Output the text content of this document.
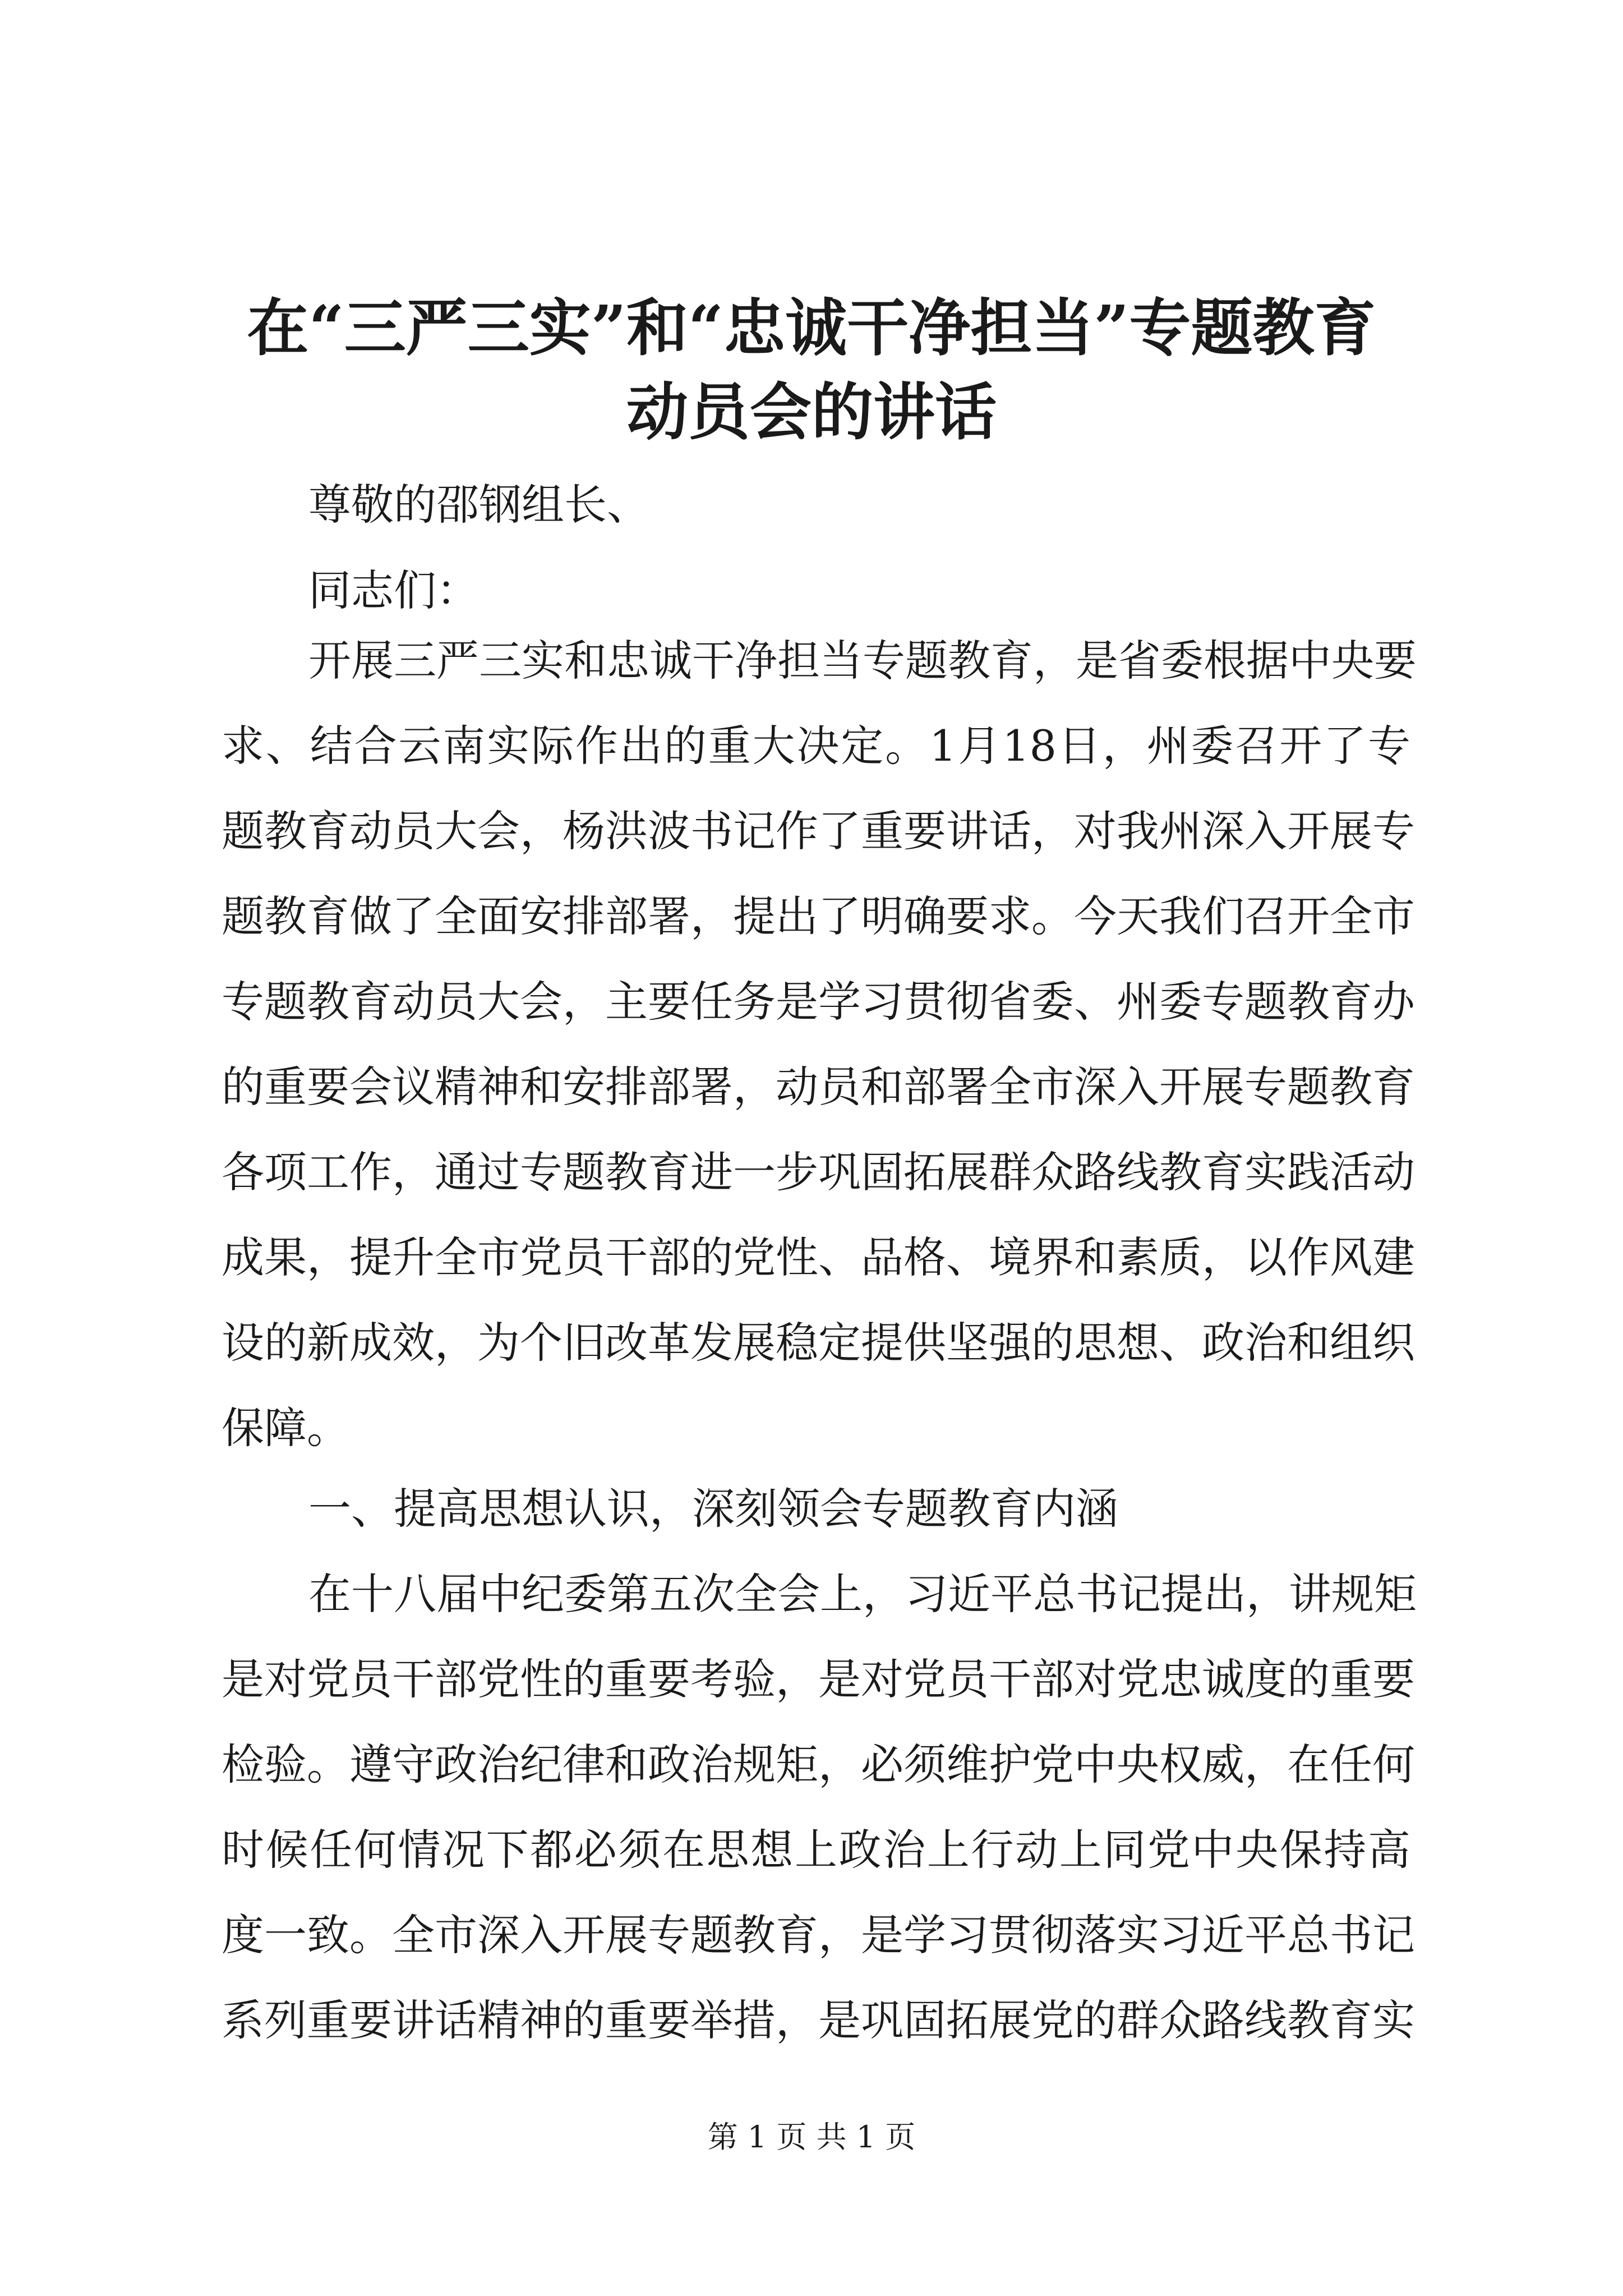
在“三严三实”和“忠诚干净担当”专题教育
动员会的讲话
尊敬的邵钢组长、
同志们：
开展三严三实和忠诚干净担当专题教育，是省委根据中央要
求、结合云南实际作出的重大决定。1月18日，州委召开了专
题教育动员大会，杨洪波书记作了重要讲话，对我州深入开展专
题教育做了全面安排部署，提出了明确要求。今天我们召开全市
专题教育动员大会，主要任务是学习贯彻省委、州委专题教育办
的重要会议精神和安排部署，动员和部署全市深入开展专题教育
各项工作，通过专题教育进一步巩固拓展群众路线教育实践活动
成果，提升全市党员干部的党性、品格、境界和素质，以作风建
设的新成效，为个旧改革发展稳定提供坚强的思想、政治和组织
保障。
一、提高思想认识，深刻领会专题教育内涵
在十八届中纪委第五次全会上，习近平总书记提出，讲规矩
是对党员干部党性的重要考验，是对党员干部对党忠诚度的重要
检验。遵守政治纪律和政治规矩，必须维护党中央权威，在任何
时候任何情况下都必须在思想上政治上行动上同党中央保持高
度一致。全市深入开展专题教育，是学习贯彻落实习近平总书记
系列重要讲话精神的重要举措，是巩固拓展党的群众路线教育实
第 1 页 共 1 页
